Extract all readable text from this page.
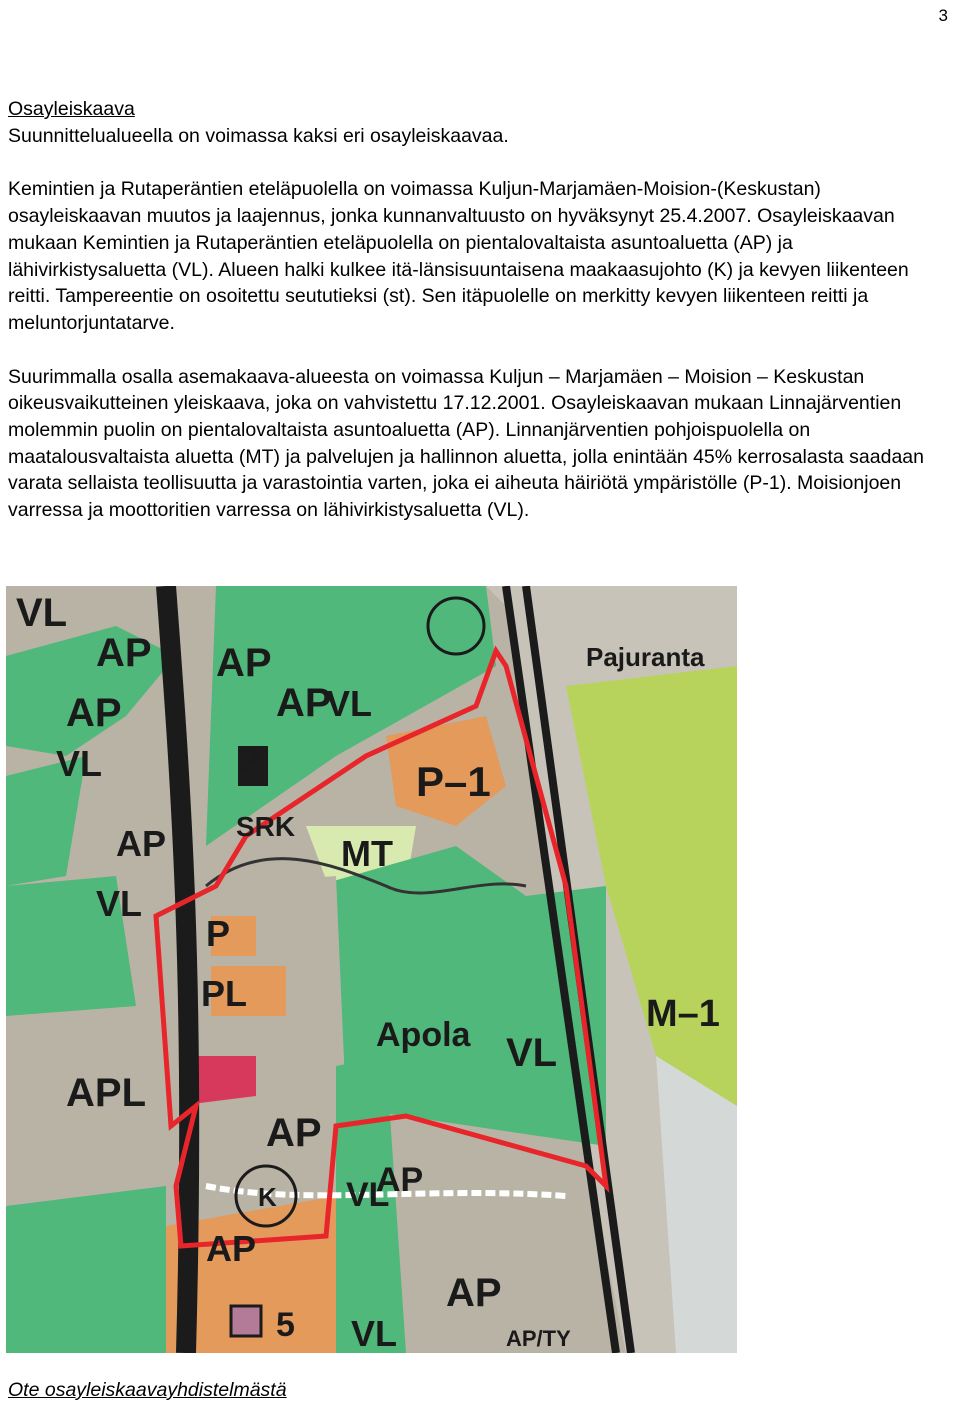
3
Osayleiskaava

Suunnittelualueella on voimassa kaksi eri osayleiskaavaa.

Kemintien ja Rutaperäntien eteläpuolella on voimassa Kuljun-Marjamäen-Moision-(Keskustan) osayleiskaavan muutos ja laajennus, jonka kunnanvaltuusto on hyväksynyt 25.4.2007. Osayleiskaavan mukaan Kemintien ja Rutaperäntien eteläpuolella on pientalovaltaista asuntoaluetta (AP) ja lähivirkistysaluetta (VL). Alueen halki kulkee itä-länsisuuntaisena maakaasujohto (K) ja kevyen liikenteen reitti. Tampereentie on osoitettu seututieksi (st). Sen itäpuolelle on merkitty kevyen liikenteen reitti ja meluntorjuntatarve.

Suurimmalla osalla asemakaava-alueesta on voimassa Kuljun – Marjamäen – Moision – Keskustan oikeusvaikutteinen yleiskaava, joka on vahvistettu 17.12.2001. Osayleiskaavan mukaan Linnajärventien molemmin puolin on pientalovaltaista asuntoaluetta (AP). Linnanjärventien pohjoispuolella on maatalousvaltaista aluetta (MT) ja palvelujen ja hallinnon aluetta, jolla enintään 45% kerrosalasta saadaan varata sellaista teollisuutta ja varastointia varten, joka ei aiheuta häiriötä ympäristölle (P-1). Moisionjoen varressa ja moottoritien varressa on lähivirkistysaluetta (VL).

VL
AP AP
AP	AP
VL	P
SRK
P–1
MT
AP
VL
P
PL
Apola VL
M–1
APL
AP
K VL
AP
AP
AP
5 VL	AP/TY
Pajuranta
VL
Ote osayleiskaavayhdistelmästä
